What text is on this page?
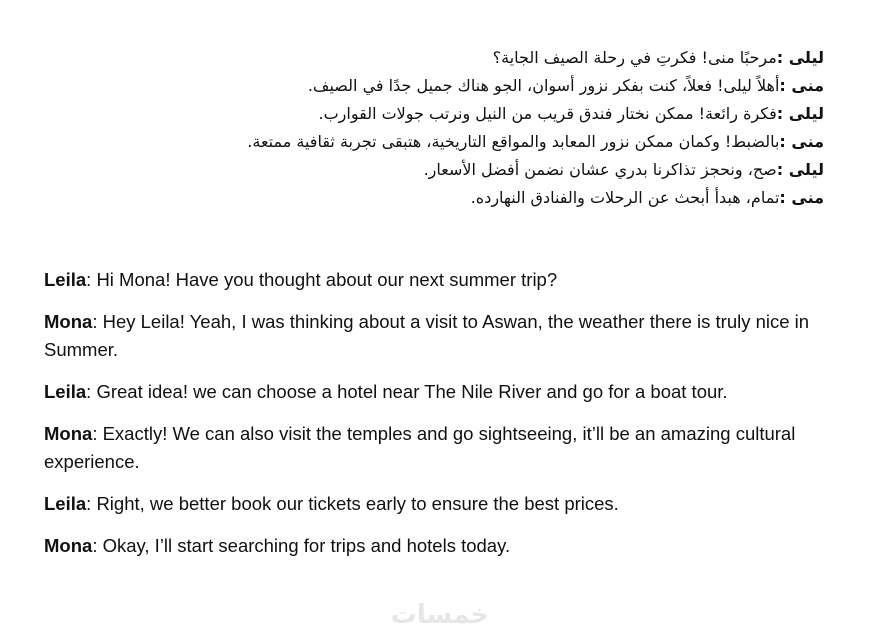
ليلى :مرحبًا منى! فكرتِ في رحلة الصيف الجاية؟
منى :أهلاً ليلى! فعلاً، كنت بفكر نزور أسوان، الجو هناك جميل جدًا في الصيف.
ليلى :فكرة رائعة! ممكن نختار فندق قريب من النيل ونرتب جولات القوارب.
منى :بالضبط! وكمان ممكن نزور المعابد والمواقع التاريخية، هتبقى تجربة ثقافية ممتعة.
ليلى :صح، ونحجز تذاكرنا بدري عشان نضمن أفضل الأسعار.
منى :تمام، هبدأ أبحث عن الرحلات والفنادق النهارده.

Leila: Hi Mona! Have you thought about our next summer trip?

Mona: Hey Leila! Yeah, I was thinking about a visit to Aswan, the weather there is truly nice in Summer.

Leila: Great idea! we can choose a hotel near The Nile River and go for a boat tour.

Mona: Exactly! We can also visit the temples and go sightseeing, it’ll be an amazing cultural experience.

Leila: Right, we better book our tickets early to ensure the best prices.

Mona: Okay, I’ll start searching for trips and hotels today.

خمسات
